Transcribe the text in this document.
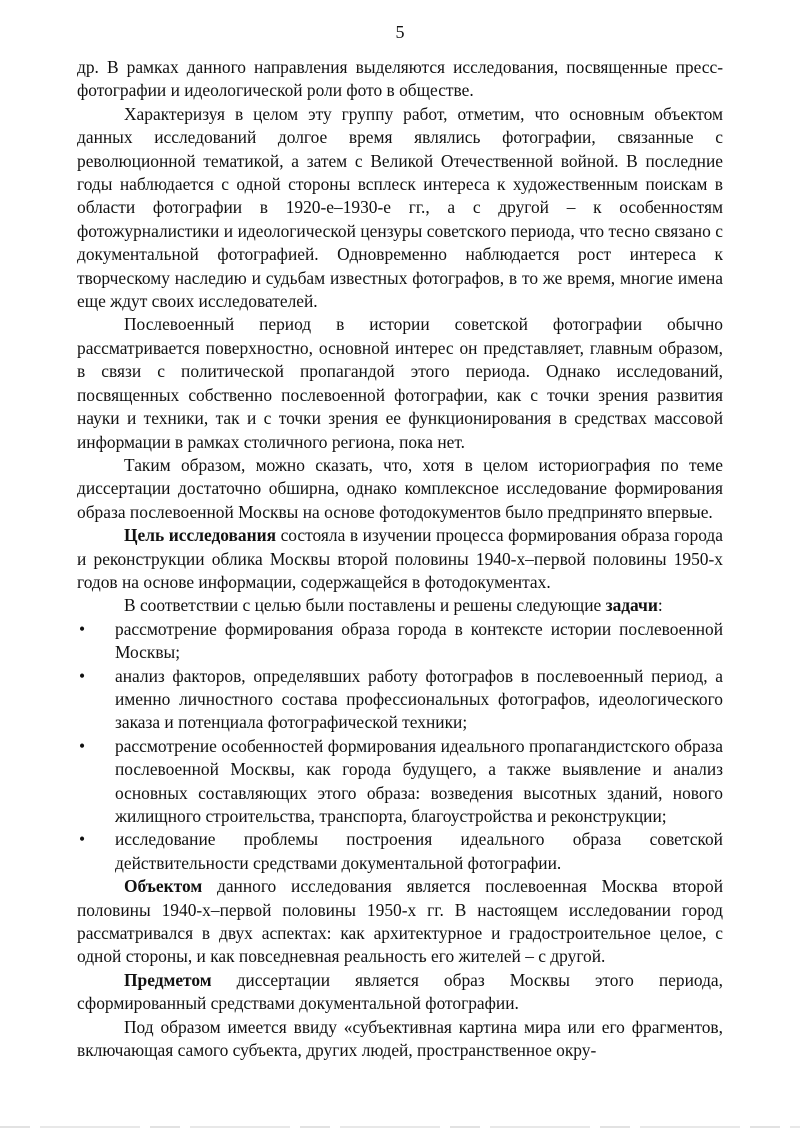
5

др. В рамках данного направления выделяются исследования, посвященные пресс-фотографии и идеологической роли фото в обществе.

Характеризуя в целом эту группу работ, отметим, что основным объектом данных исследований долгое время являлись фотографии, связанные с революционной тематикой, а затем с Великой Отечественной войной. В последние годы наблюдается с одной стороны всплеск интереса к художественным поискам в области фотографии в 1920-е–1930-е гг., а с другой – к особенностям фотожурналистики и идеологической цензуры советского периода, что тесно связано с документальной фотографией. Одновременно наблюдается рост интереса к творческому наследию и судьбам известных фотографов, в то же время, многие имена еще ждут своих исследователей.

Послевоенный период в истории советской фотографии обычно рассматривается поверхностно, основной интерес он представляет, главным образом, в связи с политической пропагандой этого периода. Однако исследований, посвященных собственно послевоенной фотографии, как с точки зрения развития науки и техники, так и с точки зрения ее функционирования в средствах массовой информации в рамках столичного региона, пока нет.

Таким образом, можно сказать, что, хотя в целом историография по теме диссертации достаточно обширна, однако комплексное исследование формирования образа послевоенной Москвы на основе фотодокументов было предпринято впервые.

Цель исследования состояла в изучении процесса формирования образа города и реконструкции облика Москвы второй половины 1940-х–первой половины 1950-х годов на основе информации, содержащейся в фотодокументах.

В соответствии с целью были поставлены и решены следующие задачи:

•	рассмотрение формирования образа города в контексте истории послевоенной Москвы;
•	анализ факторов, определявших работу фотографов в послевоенный период, а именно личностного состава профессиональных фотографов, идеологического заказа и потенциала фотографической техники;
•	рассмотрение особенностей формирования идеального пропагандистского образа послевоенной Москвы, как города будущего, а также выявление и анализ основных составляющих этого образа: возведения высотных зданий, нового жилищного строительства, транспорта, благоустройства и реконструкции;
•	исследование проблемы построения идеального образа советской действительности средствами документальной фотографии.

Объектом данного исследования является послевоенная Москва второй половины 1940-х–первой половины 1950-х гг. В настоящем исследовании город рассматривался в двух аспектах: как архитектурное и градостроительное целое, с одной стороны, и как повседневная реальность его жителей – с другой.

Предметом диссертации является образ Москвы этого периода, сформированный средствами документальной фотографии.

Под образом имеется ввиду «субъективная картина мира или его фрагментов, включающая самого субъекта, других людей, пространственное окру-
